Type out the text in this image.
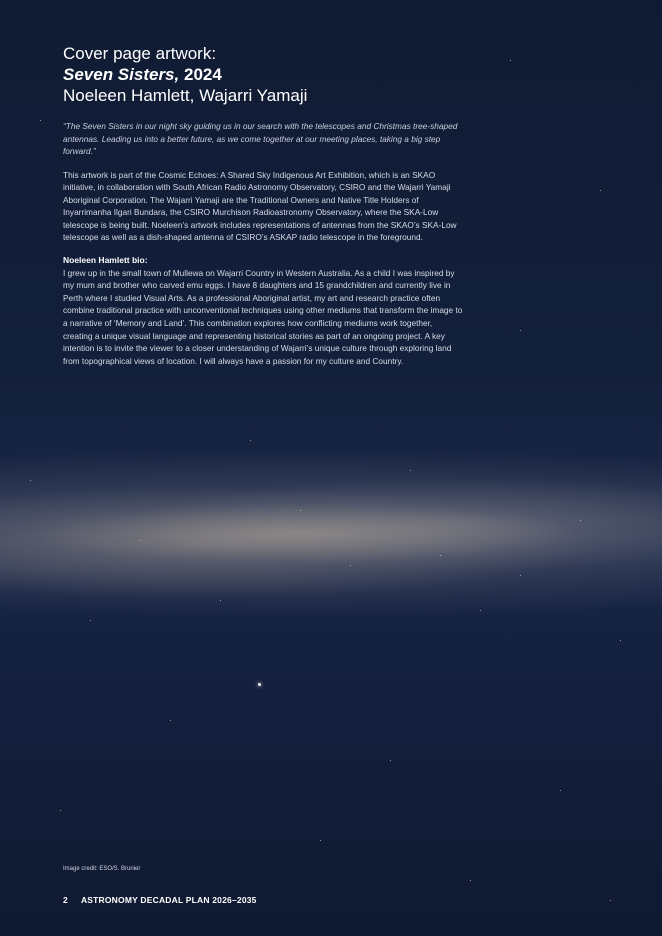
Cover page artwork:

Seven Sisters, 2024

Noeleen Hamlett, Wajarri Yamaji

“The Seven Sisters in our night sky guiding us in our search with the telescopes and Christmas tree-shaped antennas. Leading us into a better future, as we come together at our meeting places, taking a big step forward.”

This artwork is part of the Cosmic Echoes: A Shared Sky Indigenous Art Exhibition, which is an SKAO initiative, in collaboration with South African Radio Astronomy Observatory, CSIRO and the Wajarri Yamaji Aboriginal Corporation. The Wajarri Yamaji are the Traditional Owners and Native Title Holders of Inyarrimanha Ilgari Bundara, the CSIRO Murchison Radioastronomy Observatory, where the SKA-Low telescope is being built. Noeleen’s artwork includes representations of antennas from the SKAO’s SKA-Low telescope as well as a dish-shaped antenna of CSIRO’s ASKAP radio telescope in the foreground.

Noeleen Hamlett bio:

I grew up in the small town of Mullewa on Wajarri Country in Western Australia. As a child I was inspired by my mum and brother who carved emu eggs. I have 8 daughters and 15 grandchildren and currently live in Perth where I studied Visual Arts. As a professional Aboriginal artist, my art and research practice often combine traditional practice with unconventional techniques using other mediums that transform the image to a narrative of ‘Memory and Land’. This combination explores how conflicting mediums work together, creating a unique visual language and representing historical stories as part of an ongoing project. A key intention is to invite the viewer to a closer understanding of Wajarri’s unique culture through exploring land from topographical views of location. I will always have a passion for my culture and Country.

Image credit: ESO/S. Brunier
2 ASTRONOMY DECADAL PLAN 2026–2035
